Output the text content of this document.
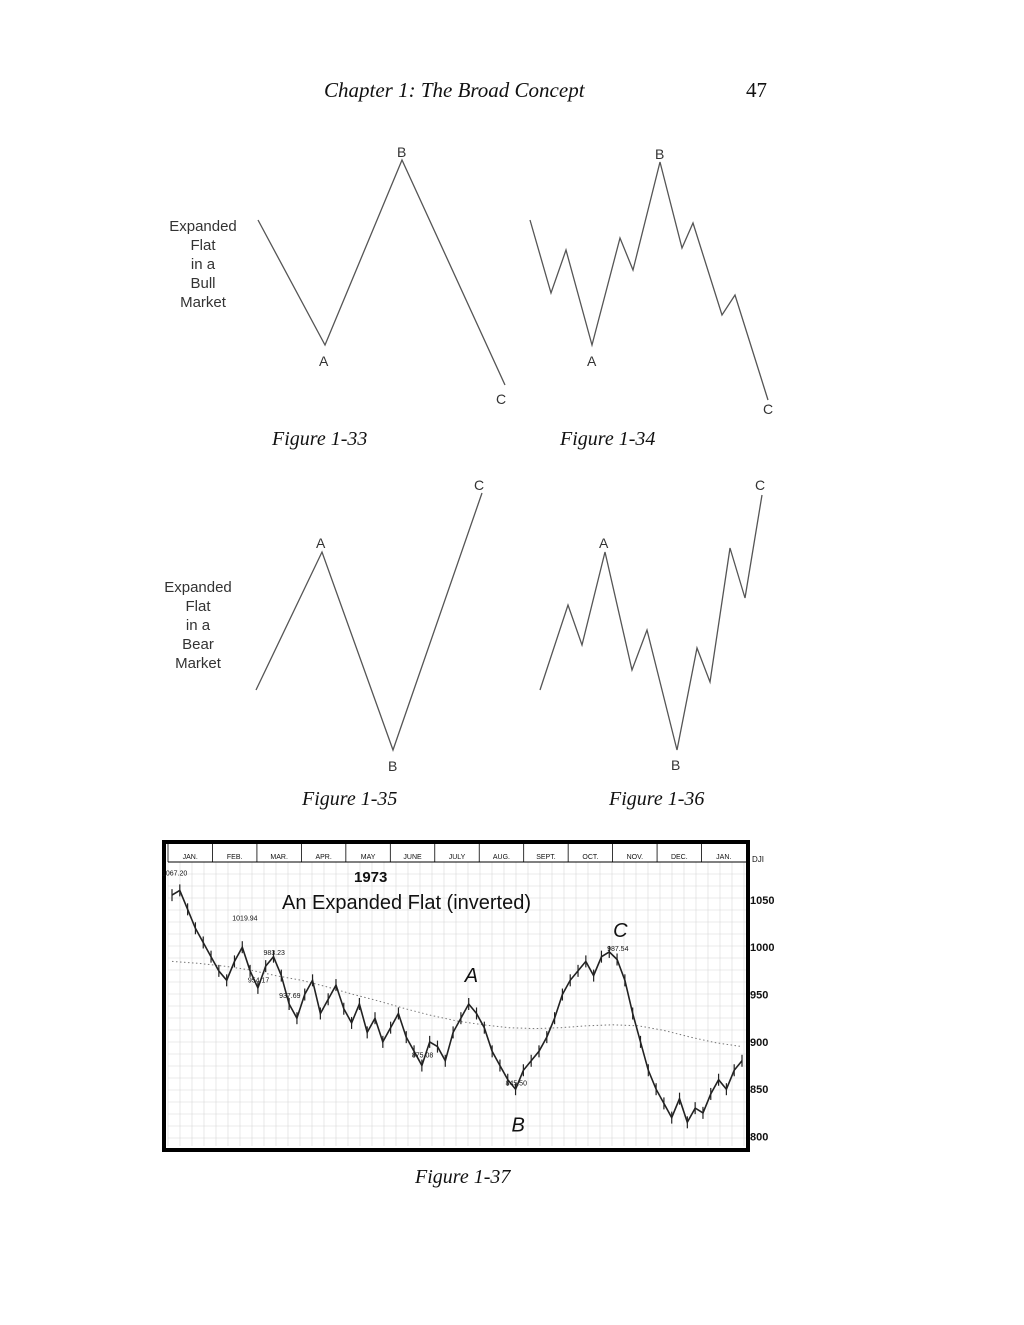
Chapter 1: The Broad Concept	47
Expanded
Flat
in a
Bull
Market
A
B
C
Figure 1-33
A
B
C
Figure 1-34
Expanded
Flat
in a
Bear
Market
A
B
C
Figure 1-35
A
B
C
Figure 1-36
JAN.	FEB.	MAR.	APR.	MAY	JUNE	JULY	AUG.	SEPT.	OCT.	NOV.	DEC.	JAN.
1050
1000
950
900
850
800
1067.20
1019.94
954.17
983.23
937.69
875.08
845.50
987.54
A
B
C
1973
An Expanded Flat (inverted)
DJI
Figure 1-37
